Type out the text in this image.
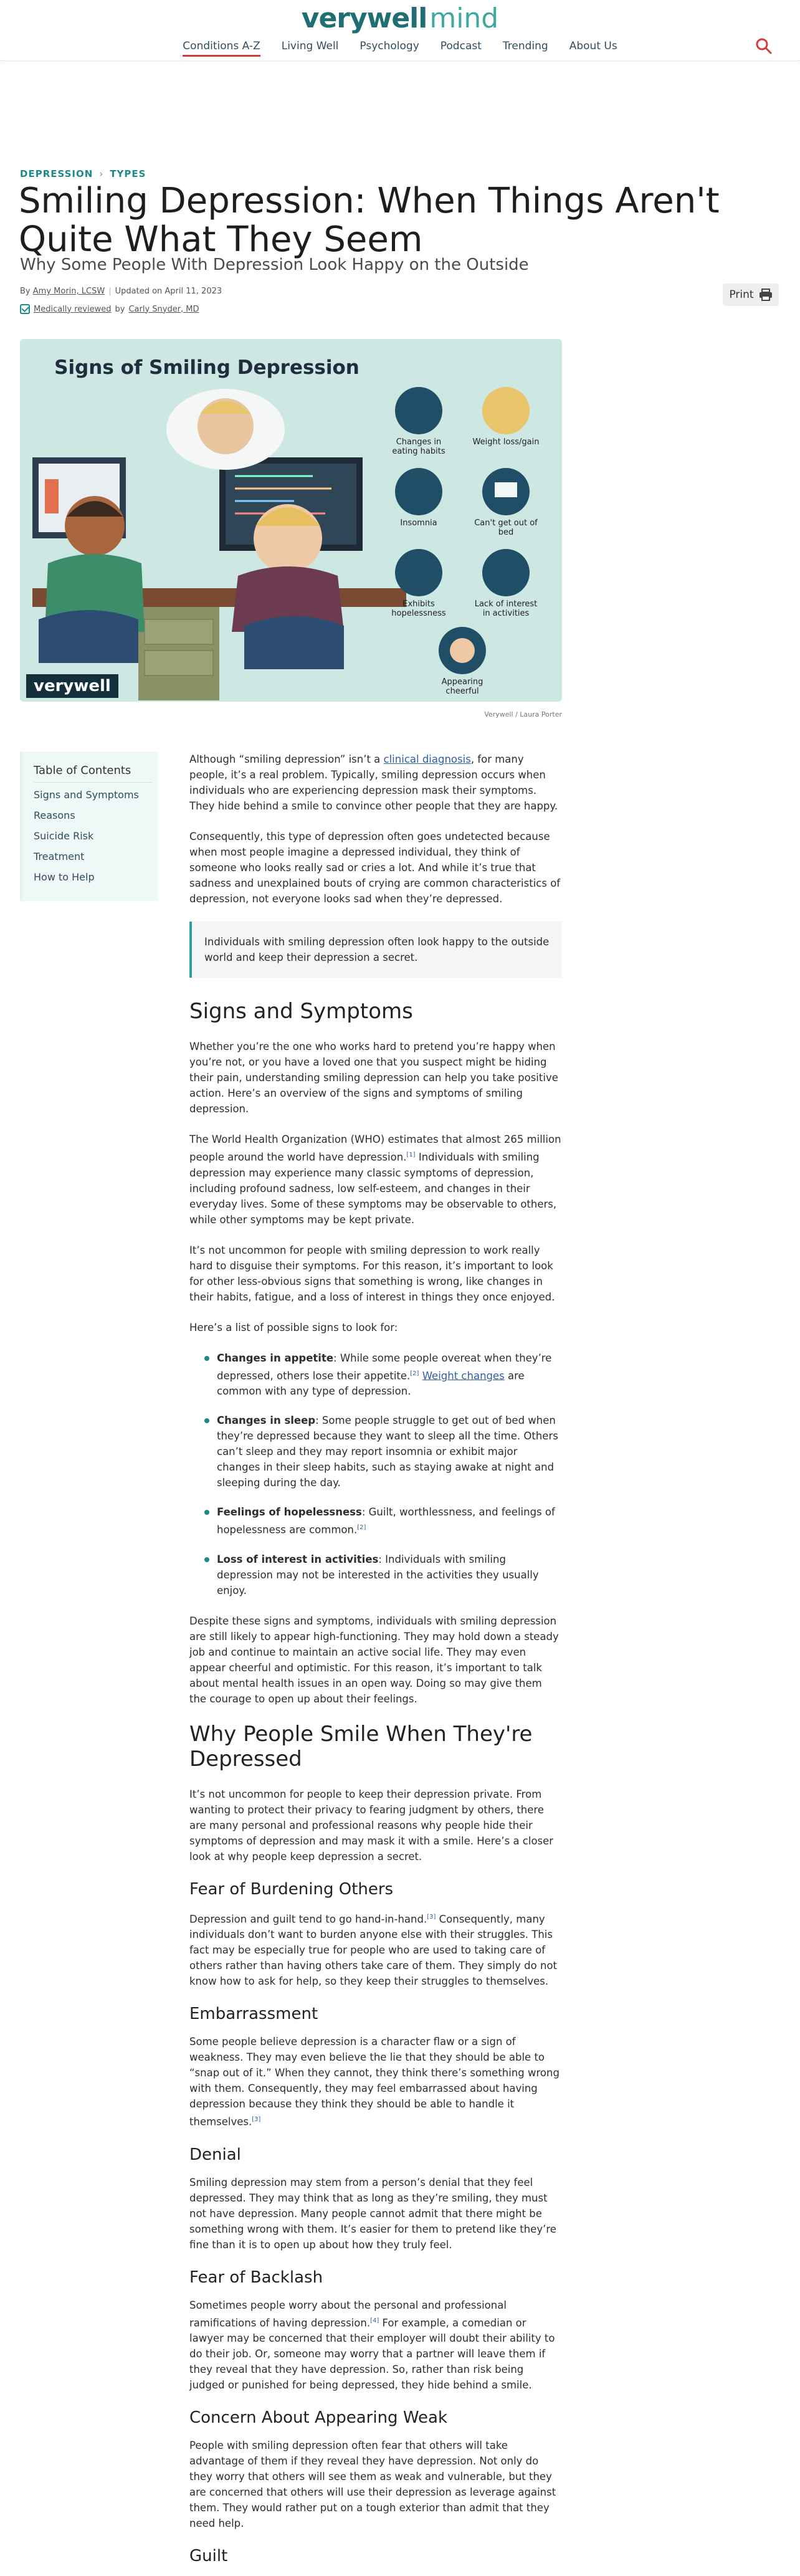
verywellmind
Conditions A-Z Living Well Psychology Podcast Trending About Us
DEPRESSION › TYPES
Smiling Depression: When Things Aren't Quite What They Seem
Why Some People With Depression Look Happy on the Outside
By Amy Morin, LCSW | Updated on April 11, 2023
Medically reviewed by Carly Snyder, MD
Print
Signs of Smiling Depression
Changes in eating habits
Weight loss/gain
Insomnia	Can't get out of bed
Exhibits hopelessness
Lack of interest in activities
Appearing cheerful
verywell
Verywell / Laura Porter
Table of Contents
Signs and Symptoms
Reasons
Suicide Risk
Treatment
How to Help

Although “smiling depression” isn’t a clinical diagnosis, for many people, it’s a real problem. Typically, smiling depression occurs when individuals who are experiencing depression mask their symptoms. They hide behind a smile to convince other people that they are happy.

Consequently, this type of depression often goes undetected because when most people imagine a depressed individual, they think of someone who looks really sad or cries a lot. And while it’s true that sadness and unexplained bouts of crying are common characteristics of depression, not everyone looks sad when they’re depressed.

Individuals with smiling depression often look happy to the outside world and keep their depression a secret.
Signs and Symptoms

Whether you’re the one who works hard to pretend you’re happy when you’re not, or you have a loved one that you suspect might be hiding their pain, understanding smiling depression can help you take positive action. Here’s an overview of the signs and symptoms of smiling depression.

The World Health Organization (WHO) estimates that almost 265 million people around the world have depression.[1] Individuals with smiling depression may experience many classic symptoms of depression, including profound sadness, low self-esteem, and changes in their everyday lives. Some of these symptoms may be observable to others, while other symptoms may be kept private.

It’s not uncommon for people with smiling depression to work really hard to disguise their symptoms. For this reason, it’s important to look for other less-obvious signs that something is wrong, like changes in their habits, fatigue, and a loss of interest in things they once enjoyed.

Here’s a list of possible signs to look for:

Changes in appetite: While some people overeat when they’re depressed, others lose their appetite.[2] Weight changes are common with any type of depression.
Changes in sleep: Some people struggle to get out of bed when they’re depressed because they want to sleep all the time. Others can’t sleep and they may report insomnia or exhibit major changes in their sleep habits, such as staying awake at night and sleeping during the day.
Feelings of hopelessness: Guilt, worthlessness, and feelings of hopelessness are common.[2]
Loss of interest in activities: Individuals with smiling depression may not be interested in the activities they usually enjoy.

Despite these signs and symptoms, individuals with smiling depression are still likely to appear high-functioning. They may hold down a steady job and continue to maintain an active social life. They may even appear cheerful and optimistic. For this reason, it’s important to talk about mental health issues in an open way. Doing so may give them the courage to open up about their feelings.

Why People Smile When They're Depressed

It’s not uncommon for people to keep their depression private. From wanting to protect their privacy to fearing judgment by others, there are many personal and professional reasons why people hide their symptoms of depression and may mask it with a smile. Here’s a closer look at why people keep depression a secret.

Fear of Burdening Others

Depression and guilt tend to go hand-in-hand.[3] Consequently, many individuals don’t want to burden anyone else with their struggles. This fact may be especially true for people who are used to taking care of others rather than having others take care of them. They simply do not know how to ask for help, so they keep their struggles to themselves.

Embarrassment

Some people believe depression is a character flaw or a sign of weakness. They may even believe the lie that they should be able to “snap out of it.” When they cannot, they think there’s something wrong with them. Consequently, they may feel embarrassed about having depression because they think they should be able to handle it themselves.[3]

Denial

Smiling depression may stem from a person’s denial that they feel depressed. They may think that as long as they’re smiling, they must not have depression. Many people cannot admit that there might be something wrong with them. It’s easier for them to pretend like they’re fine than it is to open up about how they truly feel.

Fear of Backlash

Sometimes people worry about the personal and professional ramifications of having depression.[4] For example, a comedian or lawyer may be concerned that their employer will doubt their ability to do their job. Or, someone may worry that a partner will leave them if they reveal that they have depression. So, rather than risk being judged or punished for being depressed, they hide behind a smile.

Concern About Appearing Weak

People with smiling depression often fear that others will take advantage of them if they reveal they have depression. Not only do they worry that others will see them as weak and vulnerable, but they are concerned that others will use their depression as leverage against them. They would rather put on a tough exterior than admit that they need help.

Guilt
